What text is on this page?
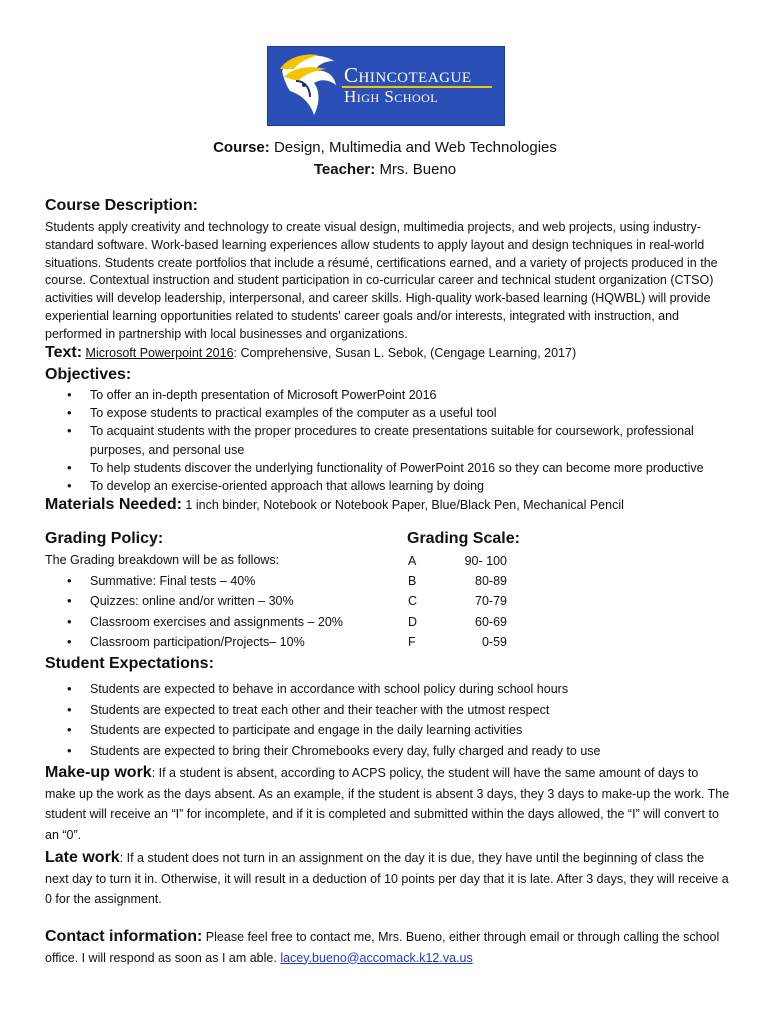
Chincoteague
High School
Course: Design, Multimedia and Web Technologies
Teacher: Mrs. Bueno
Course Description:
Students apply creativity and technology to create visual design, multimedia projects, and web projects, using industry-standard software. Work-based learning experiences allow students to apply layout and design techniques in real-world situations. Students create portfolios that include a résumé, certifications earned, and a variety of projects produced in the course. Contextual instruction and student participation in co-curricular career and technical student organization (CTSO) activities will develop leadership, interpersonal, and career skills. High-quality work-based learning (HQWBL) will provide experiential learning opportunities related to students' career goals and/or interests, integrated with instruction, and performed in partnership with local businesses and organizations.
Text: Microsoft Powerpoint 2016: Comprehensive, Susan L. Sebok, (Cengage Learning, 2017)
Objectives:
• To offer an in-depth presentation of Microsoft PowerPoint 2016
• To expose students to practical examples of the computer as a useful tool
• To acquaint students with the proper procedures to create presentations suitable for coursework, professional purposes, and personal use
• To help students discover the underlying functionality of PowerPoint 2016 so they can become more productive
• To develop an exercise-oriented approach that allows learning by doing
Materials Needed: 1 inch binder, Notebook or Notebook Paper, Blue/Black Pen, Mechanical Pencil
Grading Policy:
The Grading breakdown will be as follows:
• Summative: Final tests – 40%
• Quizzes: online and/or written – 30%
• Classroom exercises and assignments – 20%
• Classroom participation/Projects– 10%
Grading Scale:
A	90- 100
B	80-89
C	70-79
D	60-69
F	0-59
Student Expectations:
• Students are expected to behave in accordance with school policy during school hours
• Students are expected to treat each other and their teacher with the utmost respect
• Students are expected to participate and engage in the daily learning activities
• Students are expected to bring their Chromebooks every day, fully charged and ready to use
Make-up work: If a student is absent, according to ACPS policy, the student will have the same amount of days to make up the work as the days absent. As an example, if the student is absent 3 days, they 3 days to make-up the work. The student will receive an “I” for incomplete, and if it is completed and submitted within the days allowed, the “I” will convert to an “0”.
Late work: If a student does not turn in an assignment on the day it is due, they have until the beginning of class the next day to turn it in. Otherwise, it will result in a deduction of 10 points per day that it is late. After 3 days, they will receive a 0 for the assignment.
Contact information: Please feel free to contact me, Mrs. Bueno, either through email or through calling the school office. I will respond as soon as I am able. lacey.bueno@accomack.k12.va.us
